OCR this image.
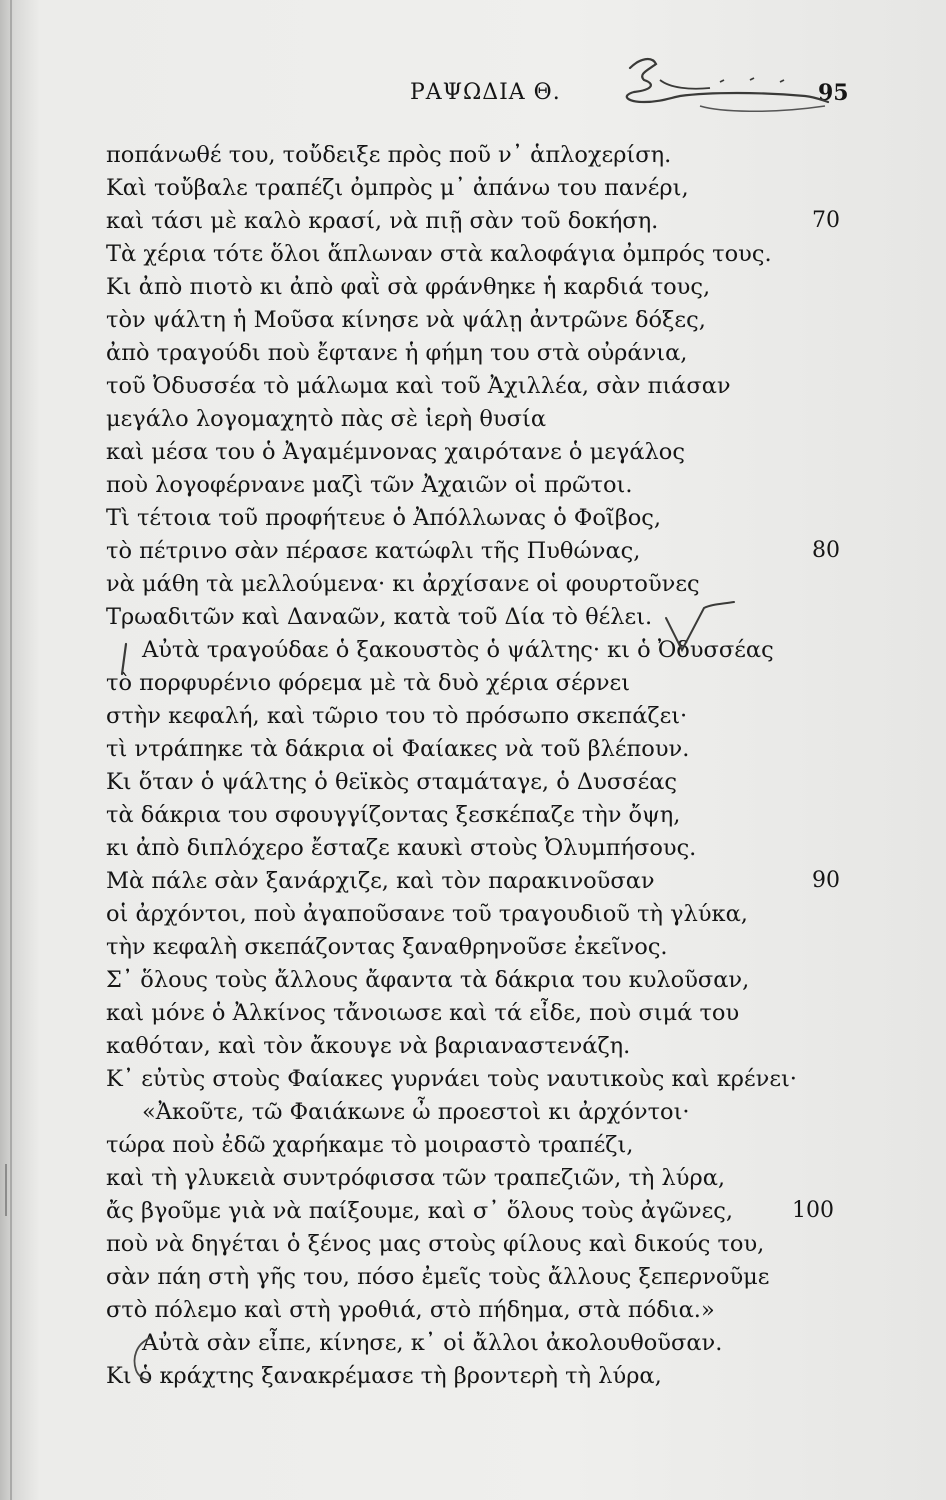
ΡΑΨΩΔΙΑ Θ.	95
ποπάνωθέ του, τοὔδειξε πρὸς ποῦ ν᾽ ἁπλοχερίση.
Καὶ τοὔβαλε τραπέζι ὀμπρὸς μ᾽ ἀπάνω του πανέρι,
καὶ τάσι μὲ καλὸ κρασί, νὰ πιῇ σὰν τοῦ δοκήση.
Τὰ χέρια τότε ὅλοι ἅπλωναν στὰ καλοφάγια ὀμπρός τους.
Κι ἀπὸ πιοτὸ κι ἀπὸ φαῒ σὰ φράνθηκε ἡ καρδιά τους,
τὸν ψάλτη ἡ Μοῦσα κίνησε νὰ ψάλῃ ἀντρῶνε δόξες,
ἀπὸ τραγούδι ποὺ ἔφτανε ἡ φήμη του στὰ οὐράνια,
τοῦ Ὀδυσσέα τὸ μάλωμα καὶ τοῦ Ἀχιλλέα, σὰν πιάσαν
μεγάλο λογομαχητὸ πὰς σὲ ἱερὴ θυσία
καὶ μέσα του ὁ Ἀγαμέμνονας χαιρότανε ὁ μεγάλος
ποὺ λογοφέρνανε μαζὶ τῶν Ἀχαιῶν οἱ πρῶτοι.
Τὶ τέτοια τοῦ προφήτευε ὁ Ἀπόλλωνας ὁ Φοῖβος,
τὸ πέτρινο σὰν πέρασε κατώφλι τῆς Πυθώνας,
νὰ μάθη τὰ μελλούμενα· κι ἀρχίσανε οἱ φουρτοῦνες
Τρωαδιτῶν καὶ Δαναῶν, κατὰ τοῦ Δία τὸ θέλει.
Αὐτὰ τραγούδαε ὁ ξακουστὸς ὁ ψάλτης· κι ὁ Ὀδυσσέας
τὸ πορφυρένιο φόρεμα μὲ τὰ δυὸ χέρια σέρνει
στὴν κεφαλή, καὶ τῶριο του τὸ πρόσωπο σκεπάζει·
τὶ ντράπηκε τὰ δάκρια οἱ Φαίακες νὰ τοῦ βλέπουν.
Κι ὅταν ὁ ψάλτης ὁ θεϊκὸς σταμάταγε, ὁ Δυσσέας
τὰ δάκρια του σφουγγίζοντας ξεσκέπαζε τὴν ὄψη,
κι ἀπὸ διπλόχερο ἔσταζε καυκὶ στοὺς Ὀλυμπήσους.
Μὰ πάλε σὰν ξανάρχιζε, καὶ τὸν παρακινοῦσαν
οἱ ἀρχόντοι, ποὺ ἀγαποῦσανε τοῦ τραγουδιοῦ τὴ γλύκα,
τὴν κεφαλὴ σκεπάζοντας ξαναθρηνοῦσε ἐκεῖνος.
Σ᾽ ὅλους τοὺς ἄλλους ἄφαντα τὰ δάκρια του κυλοῦσαν,
καὶ μόνε ὁ Ἀλκίνος τἄνοιωσε καὶ τά εἶδε, ποὺ σιμά του
καθόταν, καὶ τὸν ἄκουγε νὰ βαριαναστενάζη.
Κ᾽ εὐτὺς στοὺς Φαίακες γυρνάει τοὺς ναυτικοὺς καὶ κρένει·
«Ἀκοῦτε, τῶ Φαιάκωνε ὦ προεστοὶ κι ἀρχόντοι·
τώρα ποὺ ἐδῶ χαρήκαμε τὸ μοιραστὸ τραπέζι,
καὶ τὴ γλυκειὰ συντρόφισσα τῶν τραπεζιῶν, τὴ λύρα,
ἄς βγοῦμε γιὰ νὰ παίξουμε, καὶ σ᾽ ὅλους τοὺς ἀγῶνες,
ποὺ νὰ δηγέται ὁ ξένος μας στοὺς φίλους καὶ δικούς του,
σὰν πάη στὴ γῆς του, πόσο ἐμεῖς τοὺς ἄλλους ξεπερνοῦμε
στὸ πόλεμο καὶ στὴ γροθιά, στὸ πήδημα, στὰ πόδια.»
Αὐτὰ σὰν εἶπε, κίνησε, κ᾽ οἱ ἄλλοι ἀκολουθοῦσαν.
Κι ὁ κράχτης ξανακρέμασε τὴ βροντερὴ τὴ λύρα,
70
80
90
100
